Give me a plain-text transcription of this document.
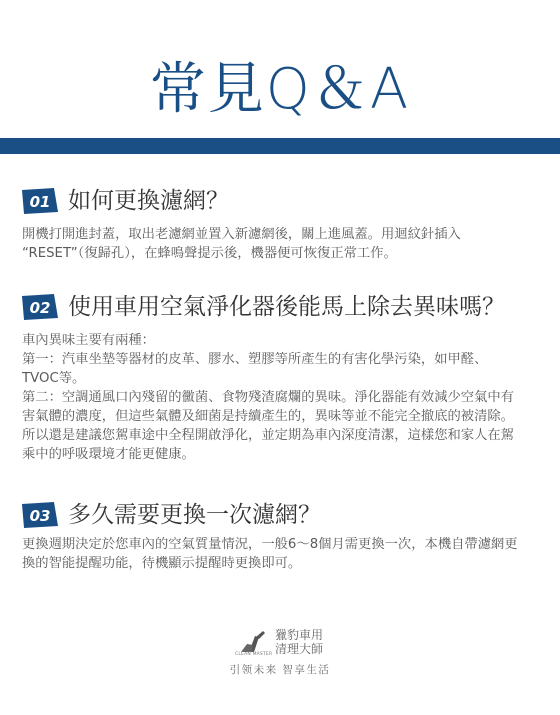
常見Q＆A
01 如何更換濾網？

開機打開進封蓋，取出老濾網並置入新濾網後，關上進風蓋。用迴紋針插入

“RESET”（復歸孔），在蜂鳴聲提示後，機器便可恢復正常工作。

02 使用車用空氣淨化器後能馬上除去異味嗎？

車內異味主要有兩種：

第一：汽車坐墊等器材的皮革、膠水、塑膠等所產生的有害化學污染，如甲醛、

TVOC等。

第二：空調通風口內殘留的黴菌、食物殘渣腐爛的異味。淨化器能有效減少空氣中有

害氣體的濃度，但這些氣體及細菌是持續產生的，異味等並不能完全撤底的被清除。

所以還是建議您駕車途中全程開啟淨化，並定期為車內深度清潔，這樣您和家人在駕

乘中的呼吸環境才能更健康。

03 多久需要更換一次濾網？

更換週期決定於您車內的空氣質量情況，一般6～8個月需更換一次，本機自帶濾網更

換的智能提醒功能，待機顯示提醒時更換即可。

獵豹車用
清理大師
CLEAN MASTER
引领未来 智享生活
